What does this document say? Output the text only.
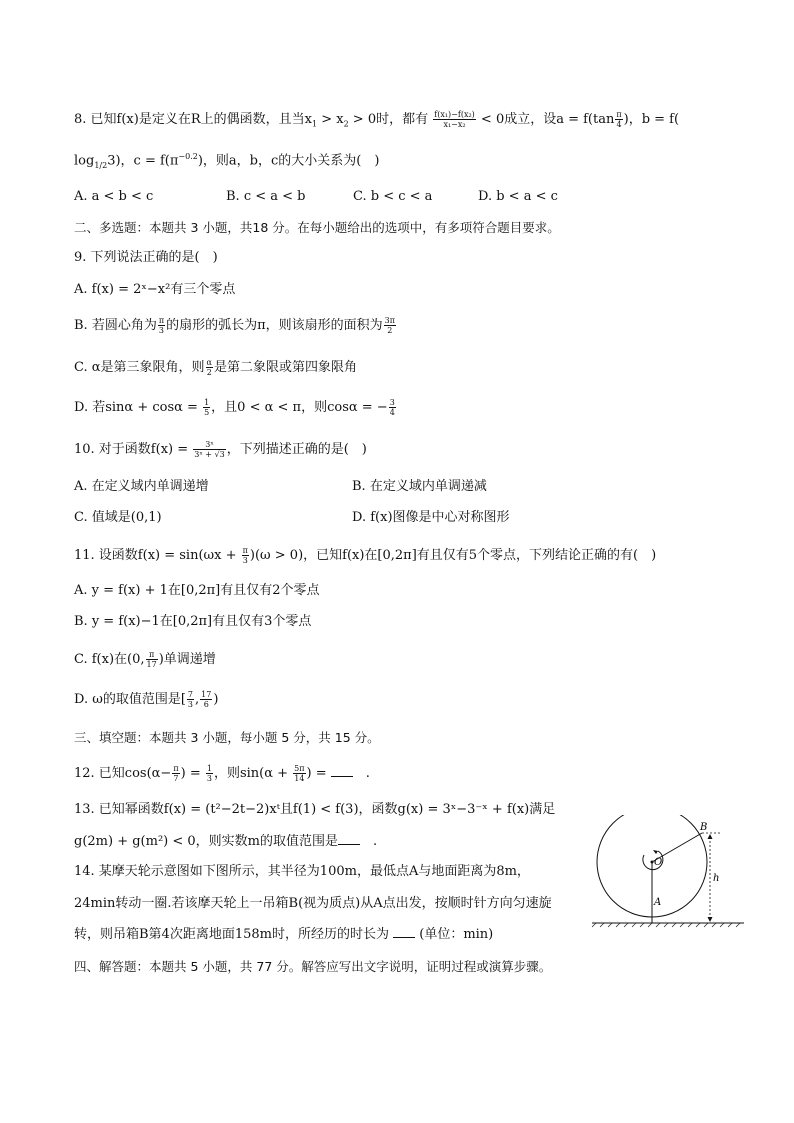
8. 已知f(x)是定义在R上的偶函数，且当$x_1 > x_2 > 0$时，都有 $\frac{\text{f(x₁)−f(x₂)}}{\text{x₁−x₂}} < 0$成立，设$a = f(\tan \frac{\pi}{4}$ )，b = f(
$\log_{1/2}3$)，$c = f(\pi^{-0.2})$，则a，b，c的大小关系为(　)
A. a < b < c	B. c < a < b	C. b < c < a	D. b < a < c
二、多选题：本题共 3 小题，共18 分。在每小题给出的选项中，有多项符合题目要求。
9. 下列说法正确的是(　)
A. f(x) = 2ˣ−x²有三个零点
B. 若圆心角为 $\frac{\pi}{3}$ 的扇形的弧长为π，则该扇形的面积为 $\frac{3\pi}{2}$
C. α是第三象限角，则 $\frac{\alpha}{2}$ 是第二象限或第四象限角
D. 若$\sin\alpha + \cos\alpha = \frac{1}{5}$ ，且0 < α < π，则cosα = − $\frac{3}{4}$
10. 对于函数$f(x) = \frac{\text{3ˣ}}{\text{3ˣ + √3}}$ ，下列描述正确的是(　)
A. 在定义域内单调递增	B. 在定义域内单调递减
C. 值域是(0,1)	D. f(x)图像是中心对称图形
11. 设函数$f(x) = \sin(\omega x + \frac{\pi}{3} )(\omega > 0)$，已知f(x)在[0,2π]有且仅有5个零点，下列结论正确的有(　)
A. y = f(x) + 1在[0,2π]有且仅有2个零点
B. y = f(x)−1在[0,2π]有且仅有3个零点
C. f(x)在(0, $\frac{\pi}{17}$ )单调递增
D. ω的取值范围是[ $\frac{7}{3}$ , $\frac{17}{6}$ )
三、填空题：本题共 3 小题，每小题 5 分，共 15 分。
12. 已知$\cos(\alpha- \frac{\pi}{7}$ ) = $\frac{1}{3}$ ，则$\sin(\alpha + \frac{5\pi}{14}$ ) = 　.
13. 已知幂函数f(x) = (t²−2t−2)xᵗ且f(1) < f(3)，函数g(x) = 3ˣ−3⁻ˣ + f(x)满足
g(2m) + g(m²) < 0，则实数m的取值范围是　.
14. 某摩天轮示意图如下图所示，其半径为100m，最低点A与地面距离为8m，
24min转动一圈.若该摩天轮上一吊箱B(视为质点)从A点出发，按顺时针方向匀速旋
转，则吊箱B第4次距离地面158m时，所经历的时长为 (单位：min)
四、解答题：本题共 5 小题，共 77 分。解答应写出文字说明，证明过程或演算步骤。
B
O
A
h
